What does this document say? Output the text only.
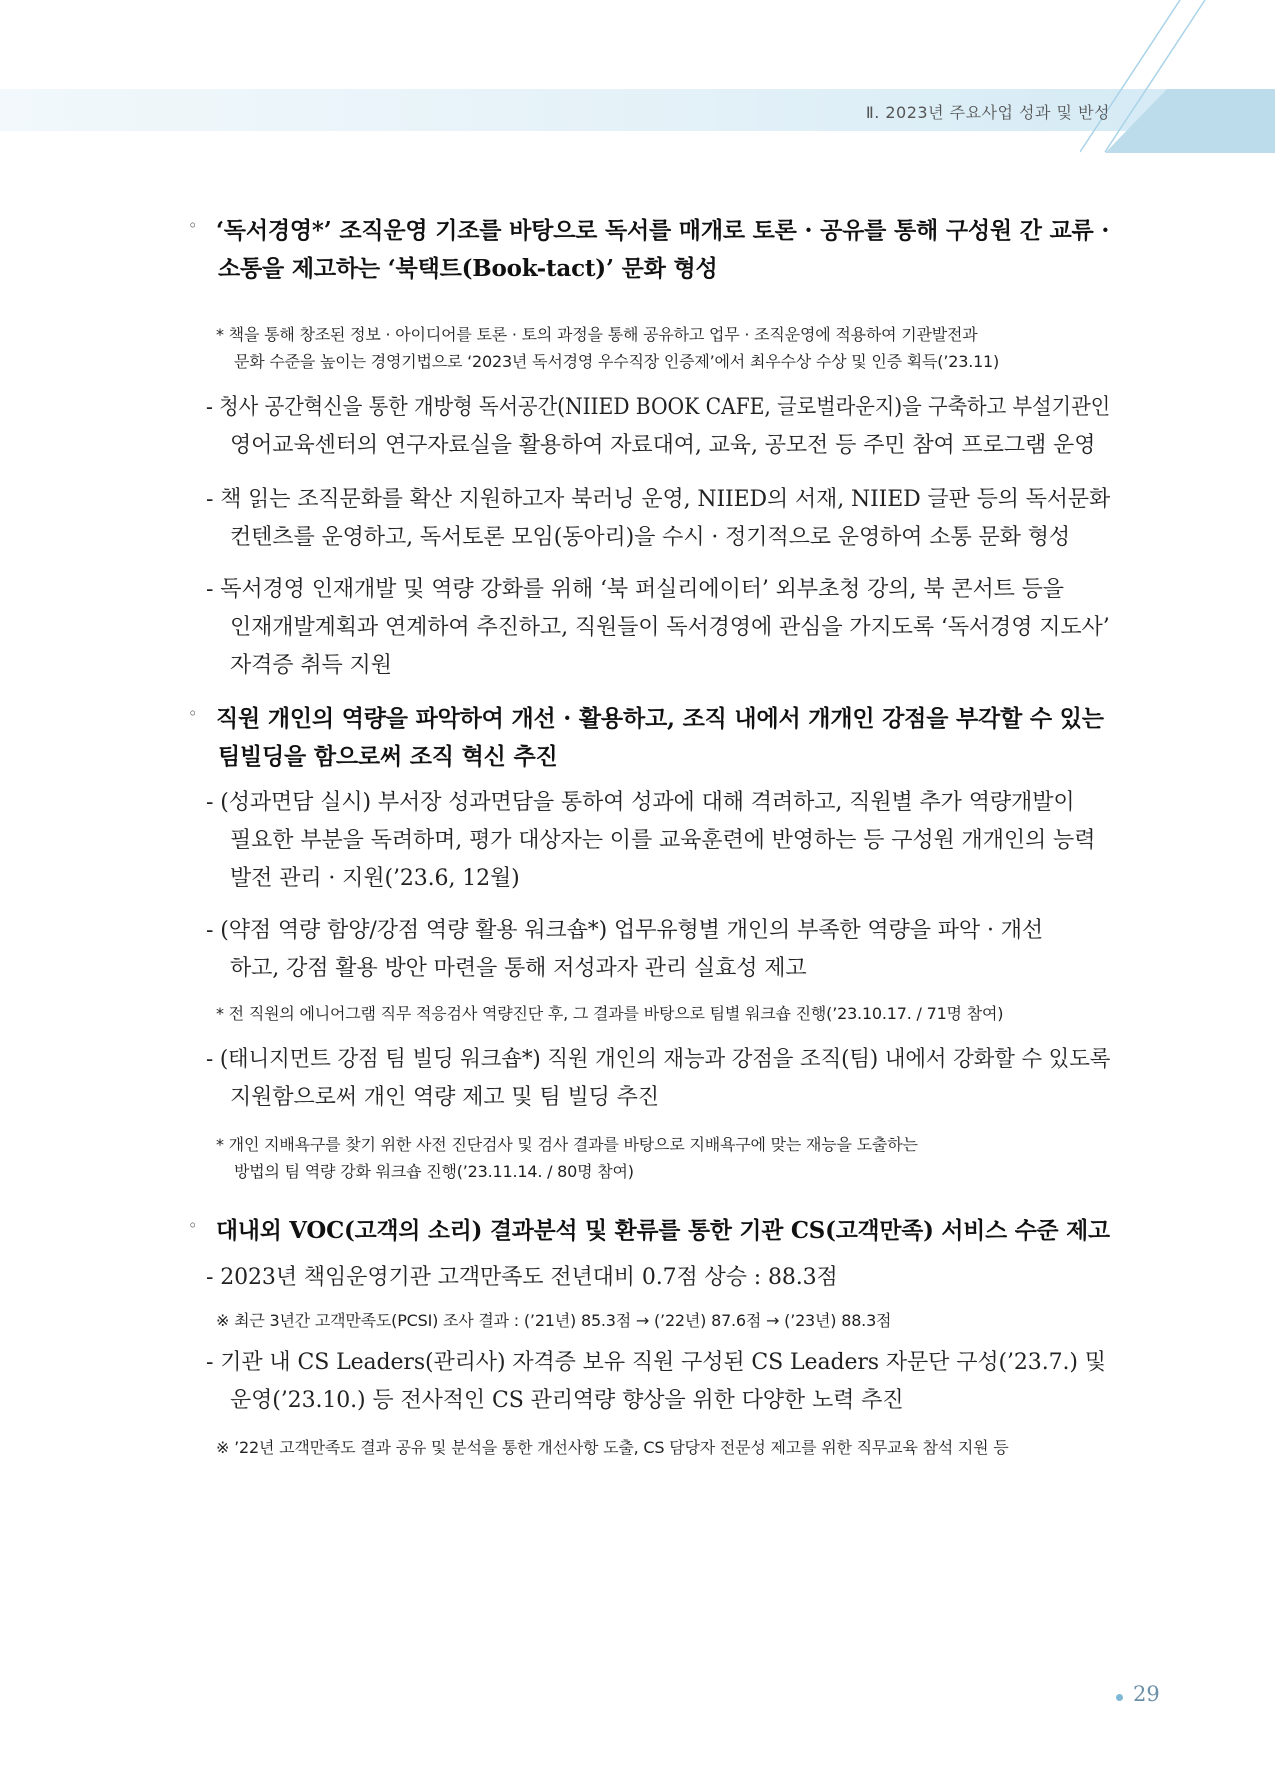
Ⅱ. 2023년 주요사업 성과 및 반성
◦ ‘독서경영*’ 조직운영 기조를 바탕으로 독서를 매개로 토론 · 공유를 통해 구성원 간 교류 ·
소통을 제고하는 ‘북택트(Book-tact)’ 문화 형성
* 책을 통해 창조된 정보 · 아이디어를 토론 · 토의 과정을 통해 공유하고 업무 · 조직운영에 적용하여 기관발전과
문화 수준을 높이는 경영기법으로 ‘2023년 독서경영 우수직장 인증제’에서 최우수상 수상 및 인증 획득(’23.11)
- 청사 공간혁신을 통한 개방형 독서공간(NIIED BOOK CAFE, 글로벌라운지)을 구축하고 부설기관인
영어교육센터의 연구자료실을 활용하여 자료대여, 교육, 공모전 등 주민 참여 프로그램 운영
- 책 읽는 조직문화를 확산 지원하고자 북러닝 운영, NIIED의 서재, NIIED 글판 등의 독서문화
컨텐츠를 운영하고, 독서토론 모임(동아리)을 수시 · 정기적으로 운영하여 소통 문화 형성
- 독서경영 인재개발 및 역량 강화를 위해 ‘북 퍼실리에이터’ 외부초청 강의, 북 콘서트 등을
인재개발계획과 연계하여 추진하고, 직원들이 독서경영에 관심을 가지도록 ‘독서경영 지도사’
자격증 취득 지원
◦ 직원 개인의 역량을 파악하여 개선 · 활용하고, 조직 내에서 개개인 강점을 부각할 수 있는
팀빌딩을 함으로써 조직 혁신 추진
- (성과면담 실시) 부서장 성과면담을 통하여 성과에 대해 격려하고, 직원별 추가 역량개발이
필요한 부분을 독려하며, 평가 대상자는 이를 교육훈련에 반영하는 등 구성원 개개인의 능력
발전 관리 · 지원(’23.6, 12월)
- (약점 역량 함양/강점 역량 활용 워크숍*) 업무유형별 개인의 부족한 역량을 파악 · 개선
하고, 강점 활용 방안 마련을 통해 저성과자 관리 실효성 제고
* 전 직원의 에니어그램 직무 적응검사 역량진단 후, 그 결과를 바탕으로 팀별 워크숍 진행(’23.10.17. / 71명 참여)
- (태니지먼트 강점 팀 빌딩 워크숍*) 직원 개인의 재능과 강점을 조직(팀) 내에서 강화할 수 있도록
지원함으로써 개인 역량 제고 및 팀 빌딩 추진
* 개인 지배욕구를 찾기 위한 사전 진단검사 및 검사 결과를 바탕으로 지배욕구에 맞는 재능을 도출하는
방법의 팀 역량 강화 워크숍 진행(’23.11.14. / 80명 참여)
◦ 대내외 VOC(고객의 소리) 결과분석 및 환류를 통한 기관 CS(고객만족) 서비스 수준 제고
- 2023년 책임운영기관 고객만족도 전년대비 0.7점 상승 : 88.3점
※ 최근 3년간 고객만족도(PCSI) 조사 결과 : (’21년) 85.3점 → (’22년) 87.6점 → (’23년) 88.3점
- 기관 내 CS Leaders(관리사) 자격증 보유 직원 구성된 CS Leaders 자문단 구성(’23.7.) 및
운영(’23.10.) 등 전사적인 CS 관리역량 향상을 위한 다양한 노력 추진
※ ’22년 고객만족도 결과 공유 및 분석을 통한 개선사항 도출, CS 담당자 전문성 제고를 위한 직무교육 참석 지원 등
29
